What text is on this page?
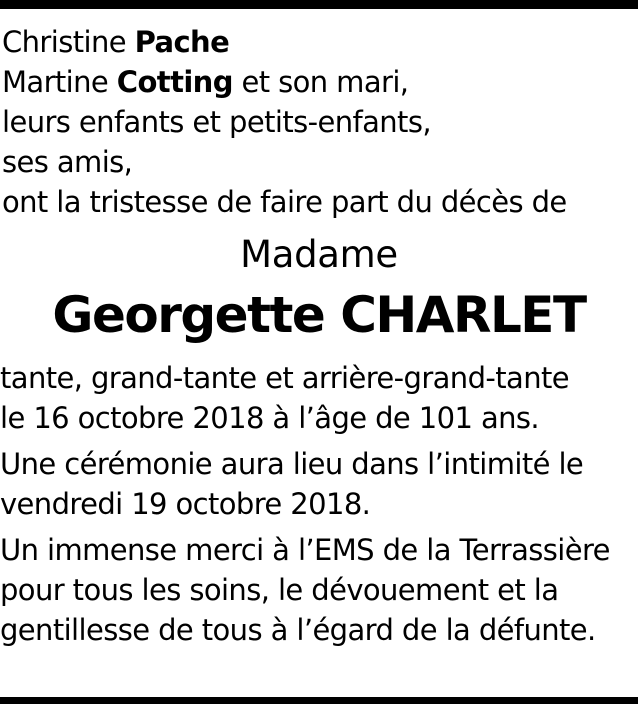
Christine Pache
Martine Cotting et son mari,
leurs enfants et petits-enfants,
ses amis,
ont la tristesse de faire part du décès de
Madame
Georgette CHARLET
tante, grand-tante et arrière-grand-tante
le 16 octobre 2018 à l’âge de 101 ans.
Une cérémonie aura lieu dans l’intimité le
vendredi 19 octobre 2018.
Un immense merci à l’EMS de la Terrassière
pour tous les soins, le dévouement et la
gentillesse de tous à l’égard de la défunte.
